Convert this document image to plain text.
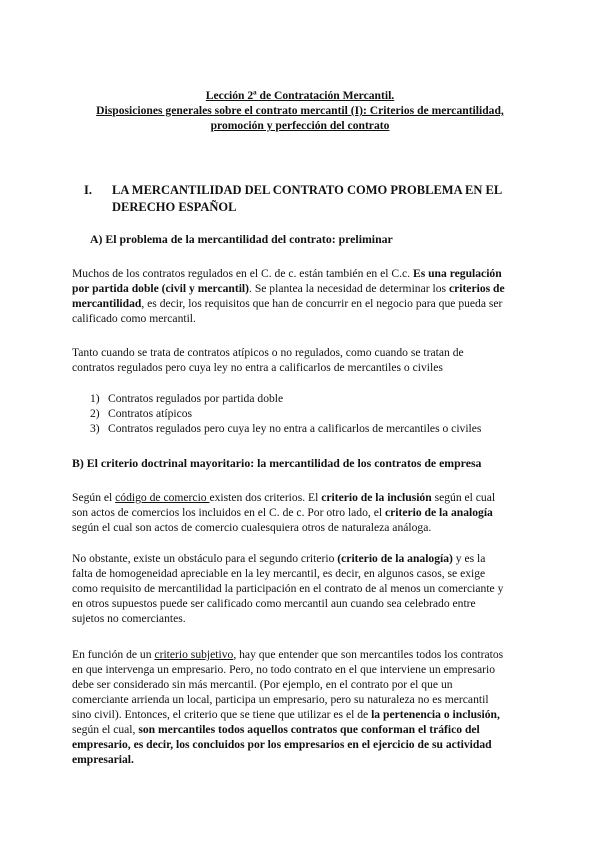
Lección 2ª de Contratación Mercantil.
Disposiciones generales sobre el contrato mercantil (I): Criterios de mercantilidad,
promoción y perfección del contrato
I. LA MERCANTILIDAD DEL CONTRATO COMO PROBLEMA EN EL
DERECHO ESPAÑOL
A) El problema de la mercantilidad del contrato: preliminar
Muchos de los contratos regulados en el C. de c. están también en el C.c. Es una regulación
por partida doble (civil y mercantil). Se plantea la necesidad de determinar los criterios de
mercantilidad, es decir, los requisitos que han de concurrir en el negocio para que pueda ser
calificado como mercantil.
Tanto cuando se trata de contratos atípicos o no regulados, como cuando se tratan de
contratos regulados pero cuya ley no entra a calificarlos de mercantiles o civiles
1) Contratos regulados por partida doble
2) Contratos atípicos
3) Contratos regulados pero cuya ley no entra a calificarlos de mercantiles o civiles
B) El criterio doctrinal mayoritario: la mercantilidad de los contratos de empresa
Según el código de comercio existen dos criterios. El criterio de la inclusión según el cual
son actos de comercios los incluidos en el C. de c. Por otro lado, el criterio de la analogía
según el cual son actos de comercio cualesquiera otros de naturaleza análoga.
No obstante, existe un obstáculo para el segundo criterio (criterio de la analogía) y es la
falta de homogeneidad apreciable en la ley mercantil, es decir, en algunos casos, se exige
como requisito de mercantilidad la participación en el contrato de al menos un comerciante y
en otros supuestos puede ser calificado como mercantil aun cuando sea celebrado entre
sujetos no comerciantes.
En función de un criterio subjetivo, hay que entender que son mercantiles todos los contratos
en que intervenga un empresario. Pero, no todo contrato en el que interviene un empresario
debe ser considerado sin más mercantil. (Por ejemplo, en el contrato por el que un
comerciante arrienda un local, participa un empresario, pero su naturaleza no es mercantil
sino civil). Entonces, el criterio que se tiene que utilizar es el de la pertenencia o inclusión,
según el cual, son mercantiles todos aquellos contratos que conforman el tráfico del
empresario, es decir, los concluidos por los empresarios en el ejercicio de su actividad
empresarial.
